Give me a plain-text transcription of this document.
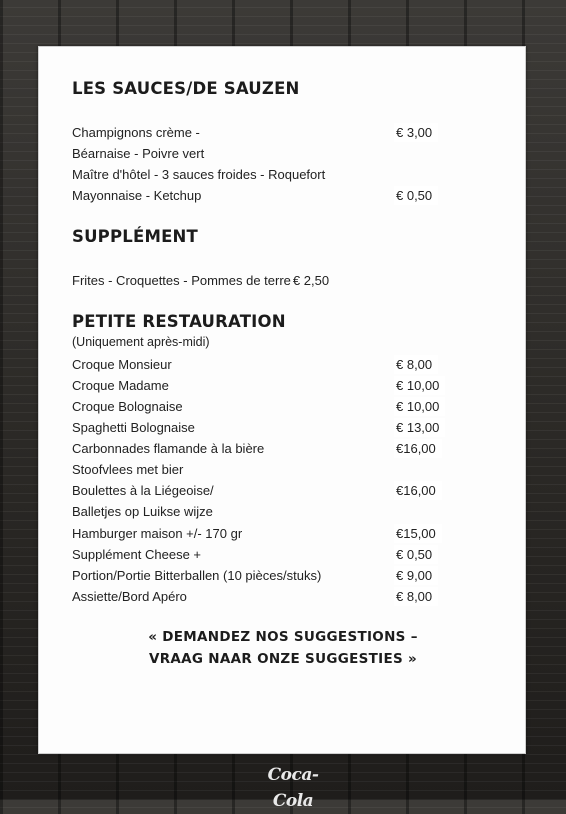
LES SAUCES/DE SAUZEN
Champignons crème -	€ 3,00
Béarnaise - Poivre vert
Maître d'hôtel - 3 sauces froides - Roquefort
Mayonnaise - Ketchup	€ 0,50
SUPPLÉMENT
Frites - Croquettes - Pommes de terre € 2,50
PETITE RESTAURATION
(Uniquement après-midi)
Croque Monsieur	€ 8,00
Croque Madame	€ 10,00
Croque Bolognaise	€ 10,00
Spaghetti Bolognaise	€ 13,00
Carbonnades flamande à la bière	€16,00
Stoofvlees met bier
Boulettes à la Liégeoise/	€16,00
Balletjes op Luikse wijze
Hamburger maison +/- 170 gr	€15,00
Supplément Cheese +	€ 0,50
Portion/Portie Bitterballen (10 pièces/stuks)	€ 9,00
Assiette/Bord Apéro	€ 8,00
« DEMANDEZ NOS SUGGESTIONS –
VRAAG NAAR ONZE SUGGESTIES »
Coca-Cola
